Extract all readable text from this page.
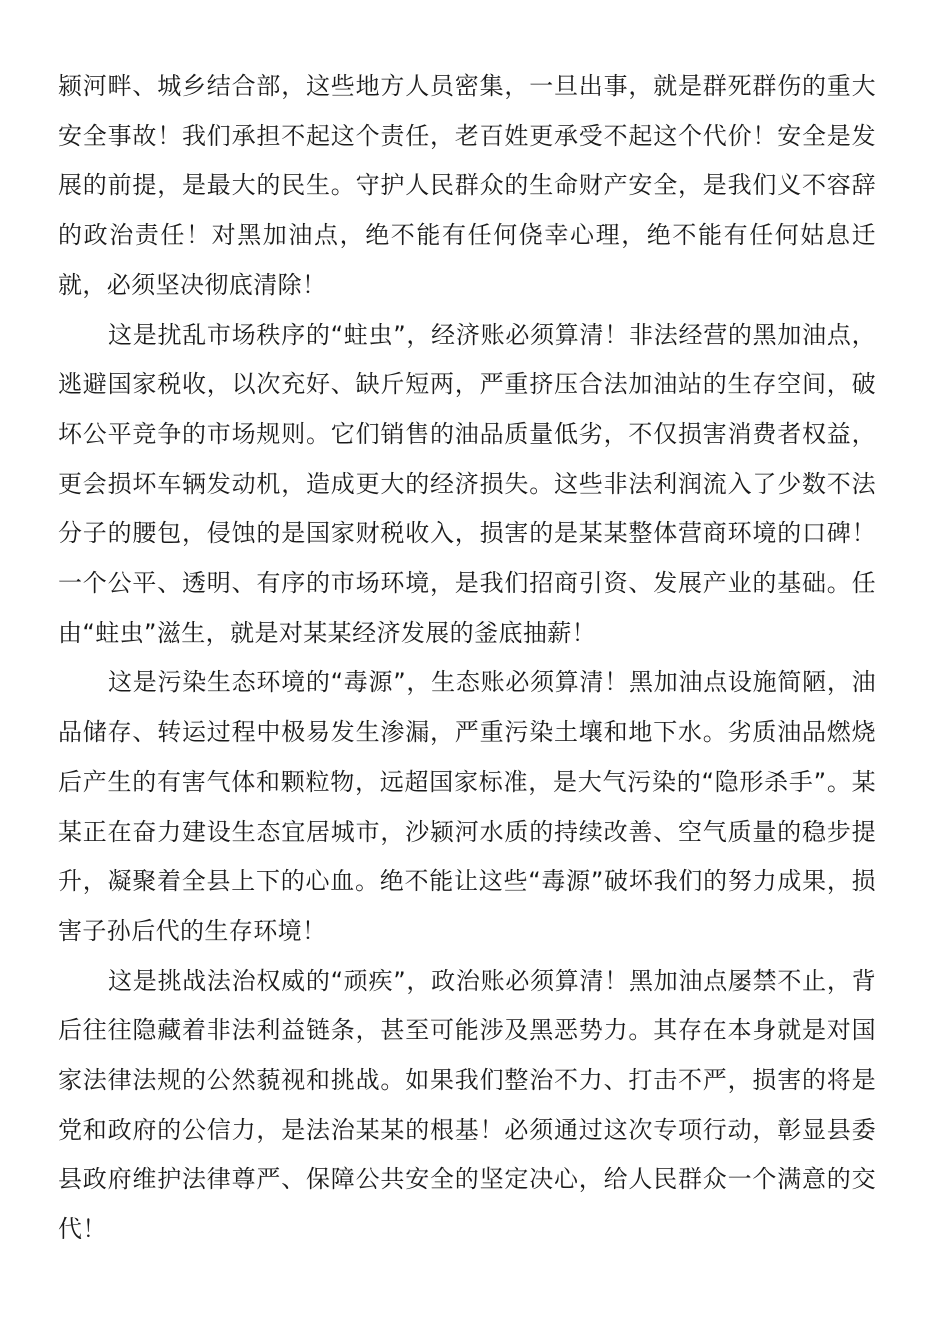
颍河畔、城乡结合部，这些地方人员密集，一旦出事，就是群死群伤的重大安全事故！我们承担不起这个责任，老百姓更承受不起这个代价！安全是发展的前提，是最大的民生。守护人民群众的生命财产安全，是我们义不容辞的政治责任！对黑加油点，绝不能有任何侥幸心理，绝不能有任何姑息迁就，必须坚决彻底清除！

这是扰乱市场秩序的“蛀虫”，经济账必须算清！非法经营的黑加油点，逃避国家税收，以次充好、缺斤短两，严重挤压合法加油站的生存空间，破坏公平竞争的市场规则。它们销售的油品质量低劣，不仅损害消费者权益，更会损坏车辆发动机，造成更大的经济损失。这些非法利润流入了少数不法分子的腰包，侵蚀的是国家财税收入，损害的是某某整体营商环境的口碑！一个公平、透明、有序的市场环境，是我们招商引资、发展产业的基础。任由“蛀虫”滋生，就是对某某经济发展的釜底抽薪！

这是污染生态环境的“毒源”，生态账必须算清！黑加油点设施简陋，油品储存、转运过程中极易发生渗漏，严重污染土壤和地下水。劣质油品燃烧后产生的有害气体和颗粒物，远超国家标准，是大气污染的“隐形杀手”。某某正在奋力建设生态宜居城市，沙颍河水质的持续改善、空气质量的稳步提升，凝聚着全县上下的心血。绝不能让这些“毒源”破坏我们的努力成果，损害子孙后代的生存环境！

这是挑战法治权威的“顽疾”，政治账必须算清！黑加油点屡禁不止，背后往往隐藏着非法利益链条，甚至可能涉及黑恶势力。其存在本身就是对国家法律法规的公然藐视和挑战。如果我们整治不力、打击不严，损害的将是党和政府的公信力，是法治某某的根基！必须通过这次专项行动，彰显县委县政府维护法律尊严、保障公共安全的坚定决心，给人民群众一个满意的交代！
